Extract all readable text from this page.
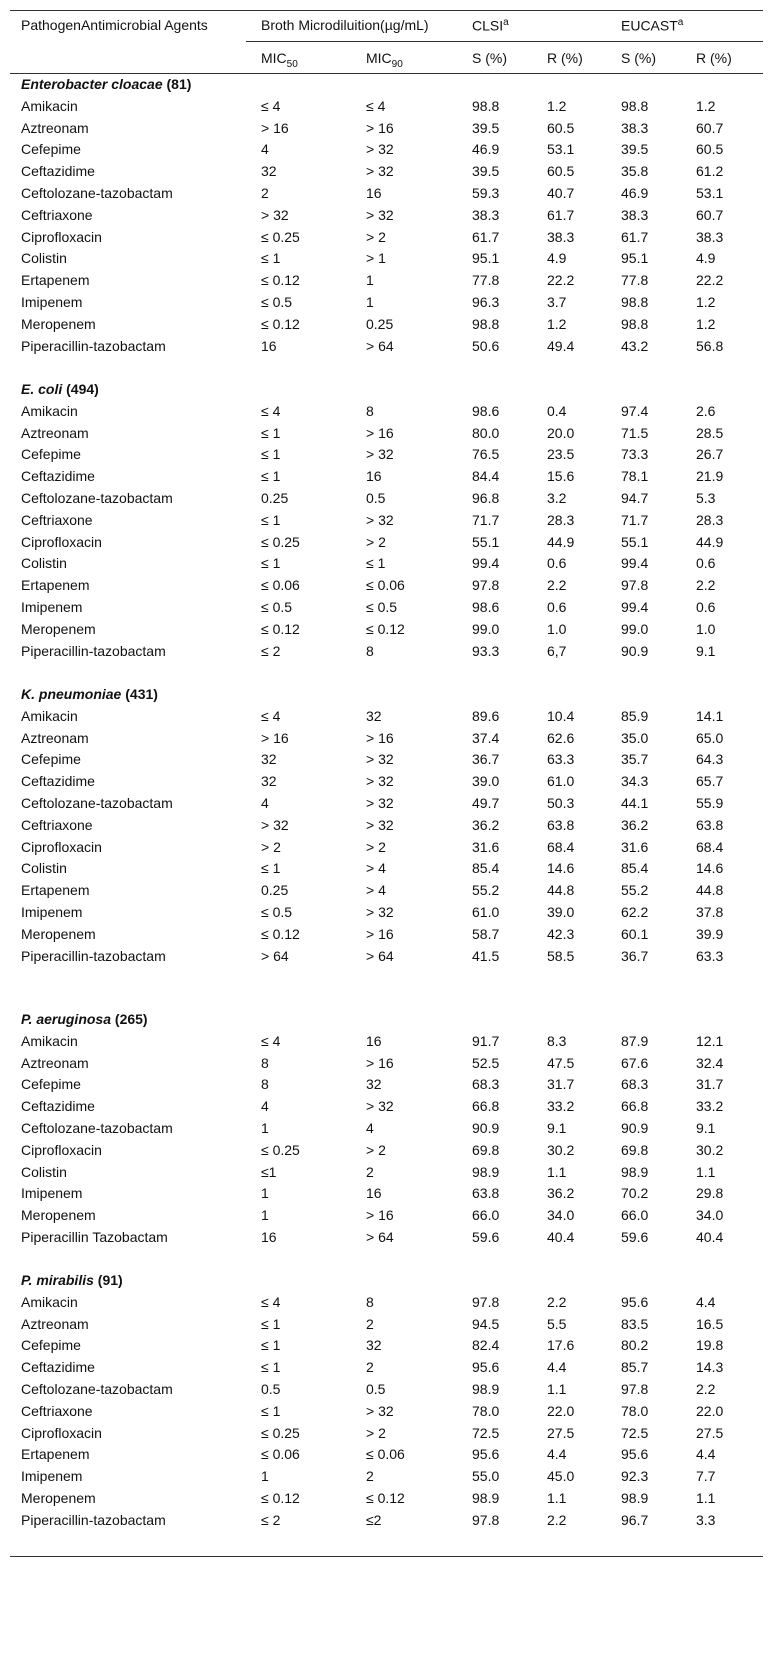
PathogenAntimicrobial Agents	Broth Microdiluition(µg/mL)	CLSI$^a$	EUCAST$^a$
$MIC_{50}$	$MIC_{90}$	S (%)	R (%)	S (%)	R (%)
Enterobacter cloacae (81)
Amikacin	≤ 4	≤ 4	98.8	1.2	98.8	1.2
Aztreonam	> 16	> 16	39.5	60.5	38.3	60.7
Cefepime	4	> 32	46.9	53.1	39.5	60.5
Ceftazidime	32	> 32	39.5	60.5	35.8	61.2
Ceftolozane-tazobactam	2	16	59.3	40.7	46.9	53.1
Ceftriaxone	> 32	> 32	38.3	61.7	38.3	60.7
Ciprofloxacin	≤ 0.25	> 2	61.7	38.3	61.7	38.3
Colistin	≤ 1	> 1	95.1	4.9	95.1	4.9
Ertapenem	≤ 0.12	1	77.8	22.2	77.8	22.2
Imipenem	≤ 0.5	1	96.3	3.7	98.8	1.2
Meropenem	≤ 0.12	0.25	98.8	1.2	98.8	1.2
Piperacillin-tazobactam	16	> 64	50.6	49.4	43.2	56.8
E. coli (494)
Amikacin	≤ 4	8	98.6	0.4	97.4	2.6
Aztreonam	≤ 1	> 16	80.0	20.0	71.5	28.5
Cefepime	≤ 1	> 32	76.5	23.5	73.3	26.7
Ceftazidime	≤ 1	16	84.4	15.6	78.1	21.9
Ceftolozane-tazobactam	0.25	0.5	96.8	3.2	94.7	5.3
Ceftriaxone	≤ 1	> 32	71.7	28.3	71.7	28.3
Ciprofloxacin	≤ 0.25	> 2	55.1	44.9	55.1	44.9
Colistin	≤ 1	≤ 1	99.4	0.6	99.4	0.6
Ertapenem	≤ 0.06	≤ 0.06	97.8	2.2	97.8	2.2
Imipenem	≤ 0.5	≤ 0.5	98.6	0.6	99.4	0.6
Meropenem	≤ 0.12	≤ 0.12	99.0	1.0	99.0	1.0
Piperacillin-tazobactam	≤ 2	8	93.3	6,7	90.9	9.1
K. pneumoniae (431)
Amikacin	≤ 4	32	89.6	10.4	85.9	14.1
Aztreonam	> 16	> 16	37.4	62.6	35.0	65.0
Cefepime	32	> 32	36.7	63.3	35.7	64.3
Ceftazidime	32	> 32	39.0	61.0	34.3	65.7
Ceftolozane-tazobactam	4	> 32	49.7	50.3	44.1	55.9
Ceftriaxone	> 32	> 32	36.2	63.8	36.2	63.8
Ciprofloxacin	> 2	> 2	31.6	68.4	31.6	68.4
Colistin	≤ 1	> 4	85.4	14.6	85.4	14.6
Ertapenem	0.25	> 4	55.2	44.8	55.2	44.8
Imipenem	≤ 0.5	> 32	61.0	39.0	62.2	37.8
Meropenem	≤ 0.12	> 16	58.7	42.3	60.1	39.9
Piperacillin-tazobactam	> 64	> 64	41.5	58.5	36.7	63.3
P. aeruginosa (265)
Amikacin	≤ 4	16	91.7	8.3	87.9	12.1
Aztreonam	8	> 16	52.5	47.5	67.6	32.4
Cefepime	8	32	68.3	31.7	68.3	31.7
Ceftazidime	4	> 32	66.8	33.2	66.8	33.2
Ceftolozane-tazobactam	1	4	90.9	9.1	90.9	9.1
Ciprofloxacin	≤ 0.25	> 2	69.8	30.2	69.8	30.2
Colistin	≤1	2	98.9	1.1	98.9	1.1
Imipenem	1	16	63.8	36.2	70.2	29.8
Meropenem	1	> 16	66.0	34.0	66.0	34.0
Piperacillin Tazobactam	16	> 64	59.6	40.4	59.6	40.4
P. mirabilis (91)
Amikacin	≤ 4	8	97.8	2.2	95.6	4.4
Aztreonam	≤ 1	2	94.5	5.5	83.5	16.5
Cefepime	≤ 1	32	82.4	17.6	80.2	19.8
Ceftazidime	≤ 1	2	95.6	4.4	85.7	14.3
Ceftolozane-tazobactam	0.5	0.5	98.9	1.1	97.8	2.2
Ceftriaxone	≤ 1	> 32	78.0	22.0	78.0	22.0
Ciprofloxacin	≤ 0.25	> 2	72.5	27.5	72.5	27.5
Ertapenem	≤ 0.06	≤ 0.06	95.6	4.4	95.6	4.4
Imipenem	1	2	55.0	45.0	92.3	7.7
Meropenem	≤ 0.12	≤ 0.12	98.9	1.1	98.9	1.1
Piperacillin-tazobactam	≤ 2	≤2	97.8	2.2	96.7	3.3
